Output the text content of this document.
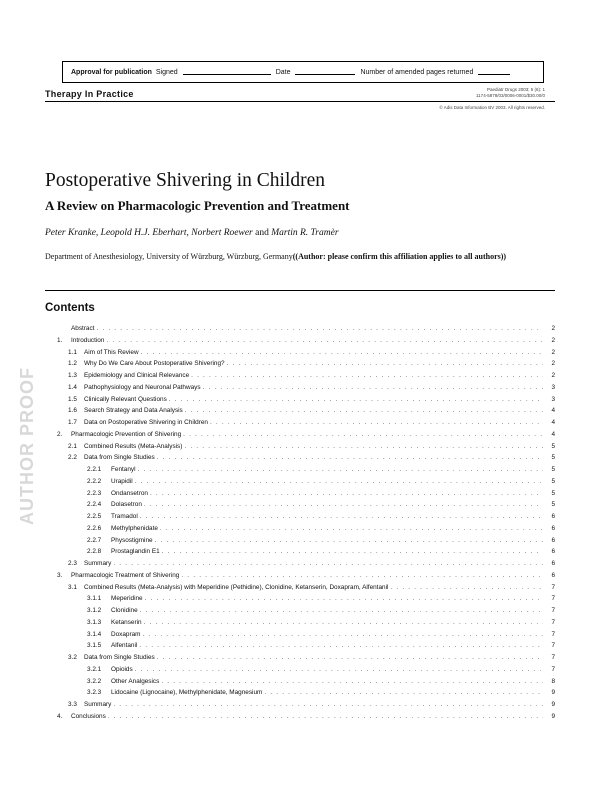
Approval for publication Signed	Date	Number of amended pages returned
Therapy In Practice	Paediatr Drugs 2003; 5 (6): 1
1174-5878/03/0006-0001/$30.00/0
© Adis Data Information BV 2003. All rights reserved.
Postoperative Shivering in Children
A Review on Pharmacologic Prevention and Treatment
Peter Kranke, Leopold H.J. Eberhart, Norbert Roewer and Martin R. Tramèr
Department of Anesthesiology, University of Würzburg, Würzburg, Germany((Author: please confirm this affiliation applies to all authors))
Contents
AUTHOR PROOF
Abstract . . .	2
1.	Introduction . . .	2
1.1	Aim of This Review . . .	2
1.2	Why Do We Care About Postoperative Shivering? . . .	2
1.3	Epidemiology and Clinical Relevance . . .	2
1.4	Pathophysiology and Neuronal Pathways . . .	3
1.5	Clinically Relevant Questions . . .	3
1.6	Search Strategy and Data Analysis . . .	4
1.7	Data on Postoperative Shivering in Children . . .	4
2.	Pharmacologic Prevention of Shivering . . .	4
2.1	Combined Results (Meta-Analysis) . . .	5
2.2	Data from Single Studies . . .	5
2.2.1	Fentanyl . . .	5
2.2.2	Urapidil . . .	5
2.2.3	Ondansetron . . .	5
2.2.4	Dolasetron . . .	5
2.2.5	Tramadol . . .	6
2.2.6	Methylphenidate . . .	6
2.2.7	Physostigmine . . .	6
2.2.8	Prostaglandin E1 . . .	6
2.3	Summary . . .	6
3.	Pharmacologic Treatment of Shivering . . .	6
3.1	Combined Results (Meta-Analysis) with Meperidine (Pethidine), Clonidine, Ketanserin, Doxapram, Alfentanil . . .	7
3.1.1	Meperidine . . .	7
3.1.2	Clonidine . . .	7
3.1.3	Ketanserin . . .	7
3.1.4	Doxapram . . .	7
3.1.5	Alfentanil . . .	7
3.2	Data from Single Studies . . .	7
3.2.1	Opioids . . .	7
3.2.2	Other Analgesics . . .	8
3.2.3	Lidocaine (Lignocaine), Methylphenidate, Magnesium . . .	9
3.3	Summary . . .	9
4.	Conclusions . . .	9
